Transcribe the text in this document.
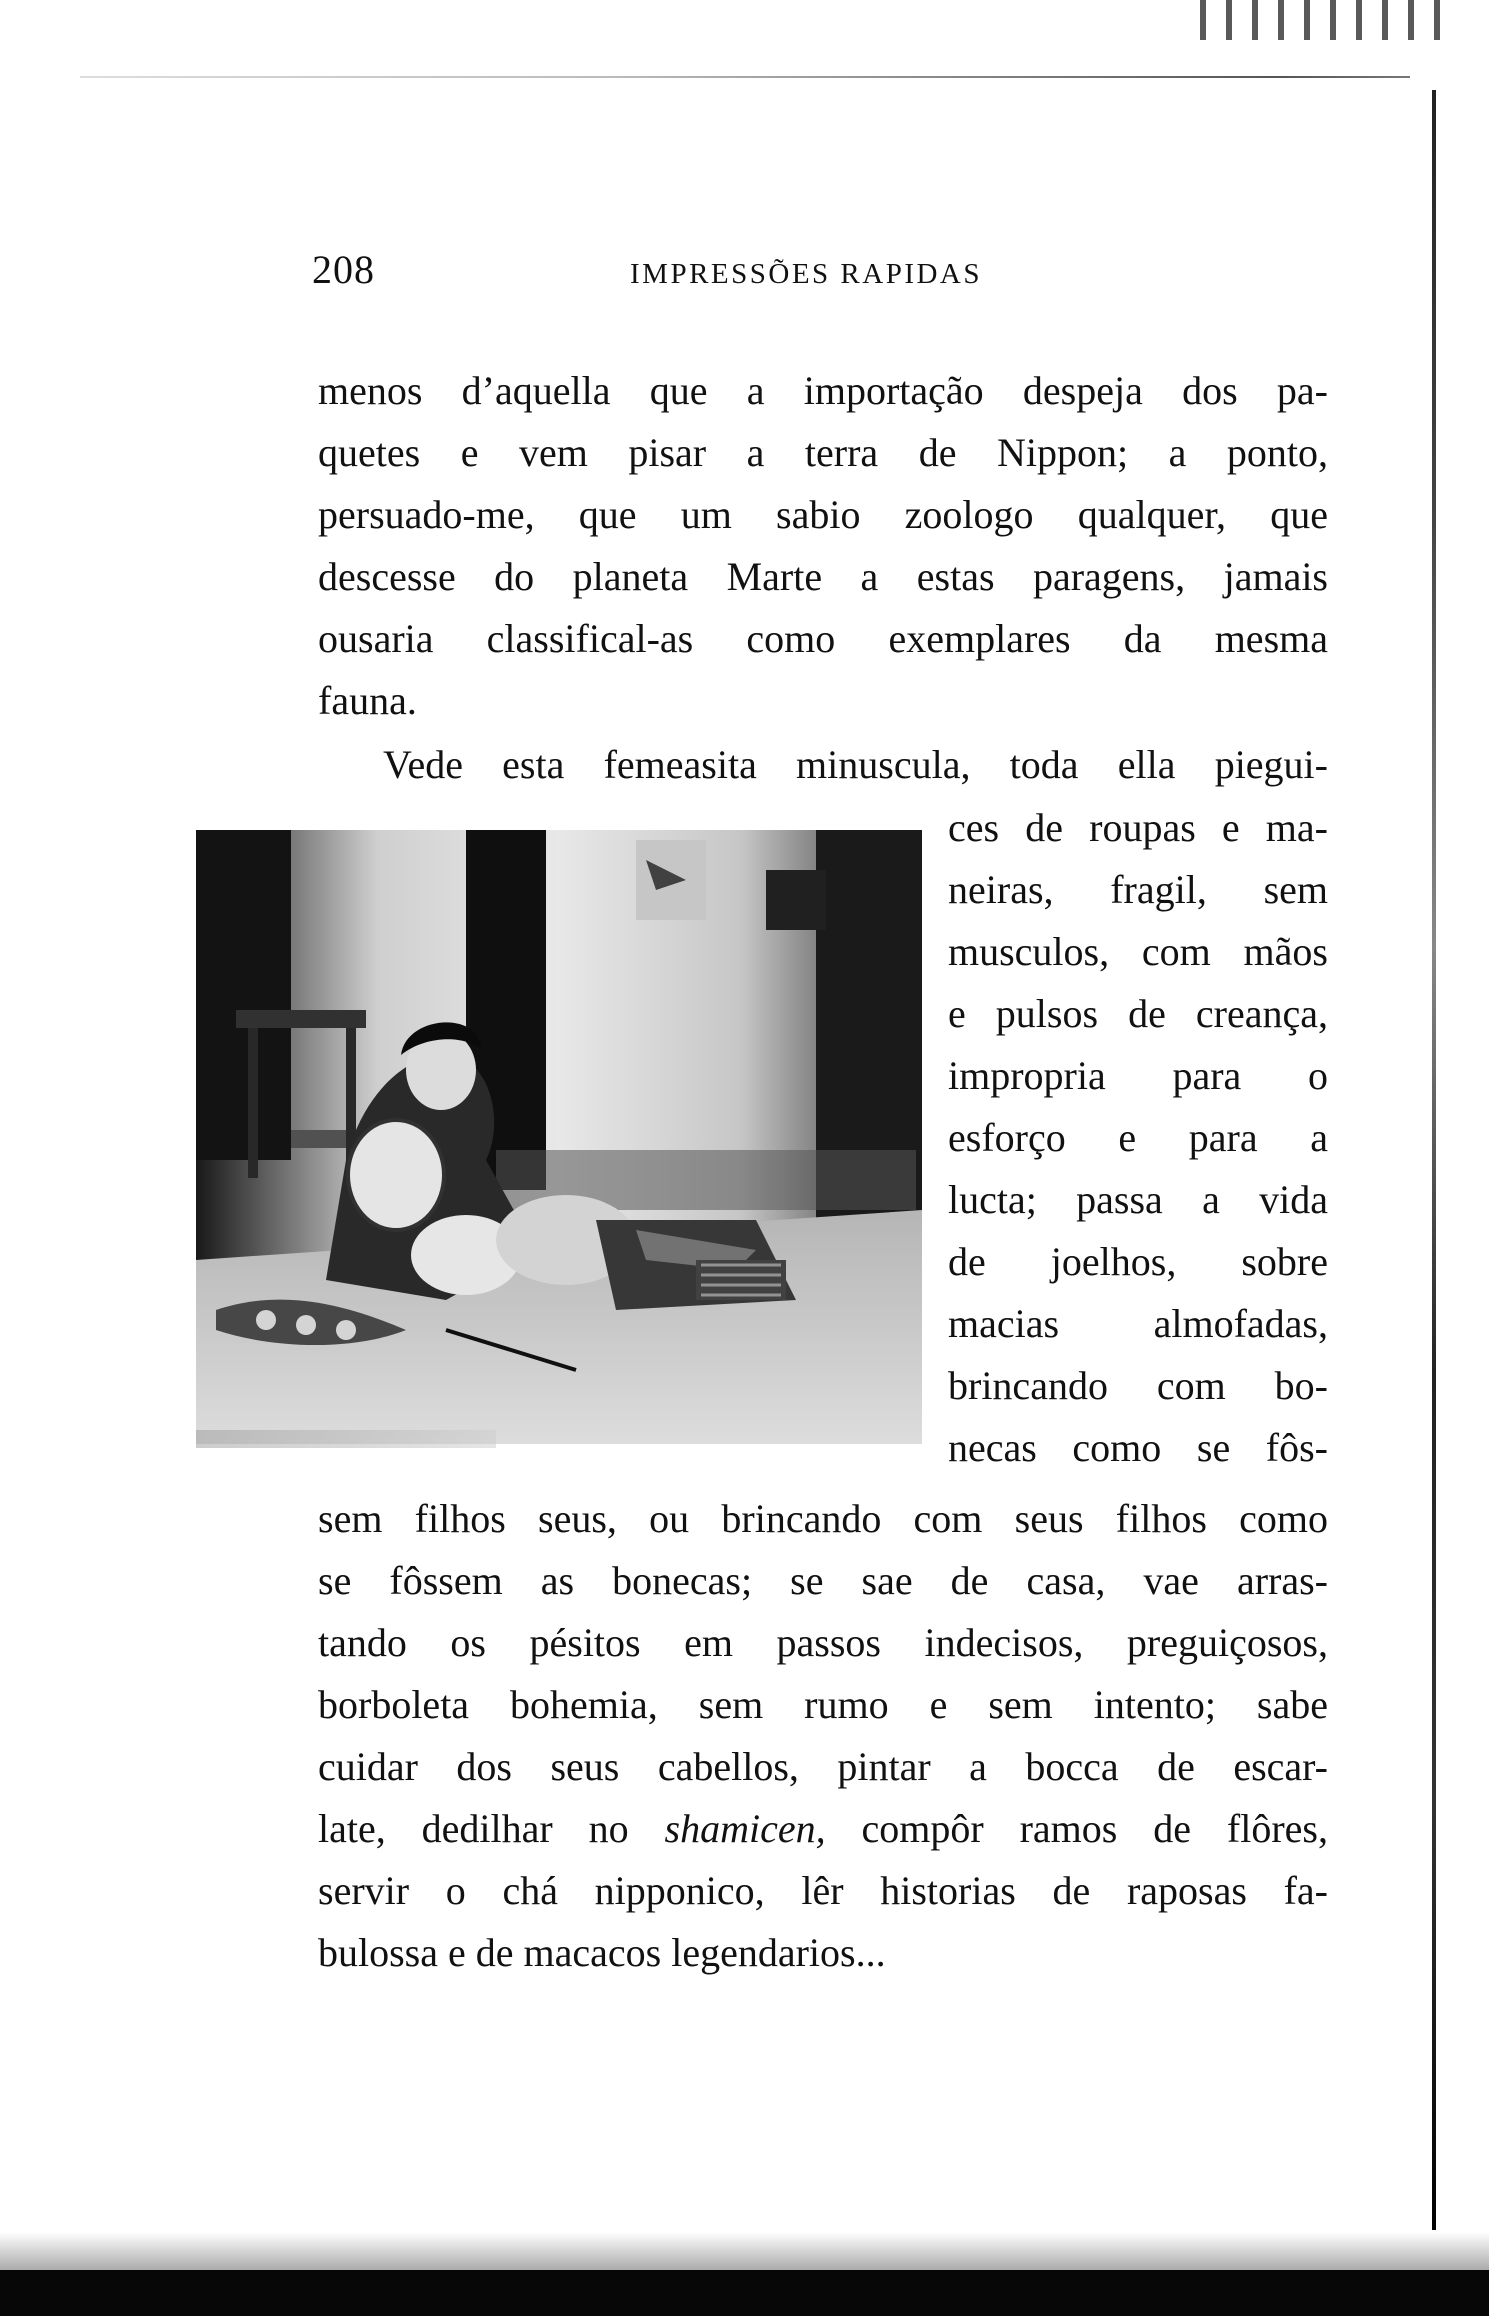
208	IMPRESSÕES RAPIDAS
menos d’aquella que a importação despeja dos pa-
quetes e vem pisar a terra de Nippon; a ponto,
persuado-me, que um sabio zoologo qualquer, que
descesse do planeta Marte a estas paragens, jamais
ousaria classifical-as como exemplares da mesma
fauna.
Vede esta femeasita minuscula, toda ella piegui-
ces de roupas e ma-
neiras, fragil, sem
musculos, com mãos
e pulsos de creança,
impropria para o
esforço e para a
lucta; passa a vida
de joelhos, sobre
macias almofadas,
brincando com bo-
necas como se fôs-
sem filhos seus, ou brincando com seus filhos como
se fôssem as bonecas; se sae de casa, vae arras-
tando os pésitos em passos indecisos, preguiçosos,
borboleta bohemia, sem rumo e sem intento; sabe
cuidar dos seus cabellos, pintar a bocca de escar-
late, dedilhar no shamicen, compôr ramos de flôres,
servir o chá nipponico, lêr historias de raposas fa-
bulossa e de macacos legendarios...
